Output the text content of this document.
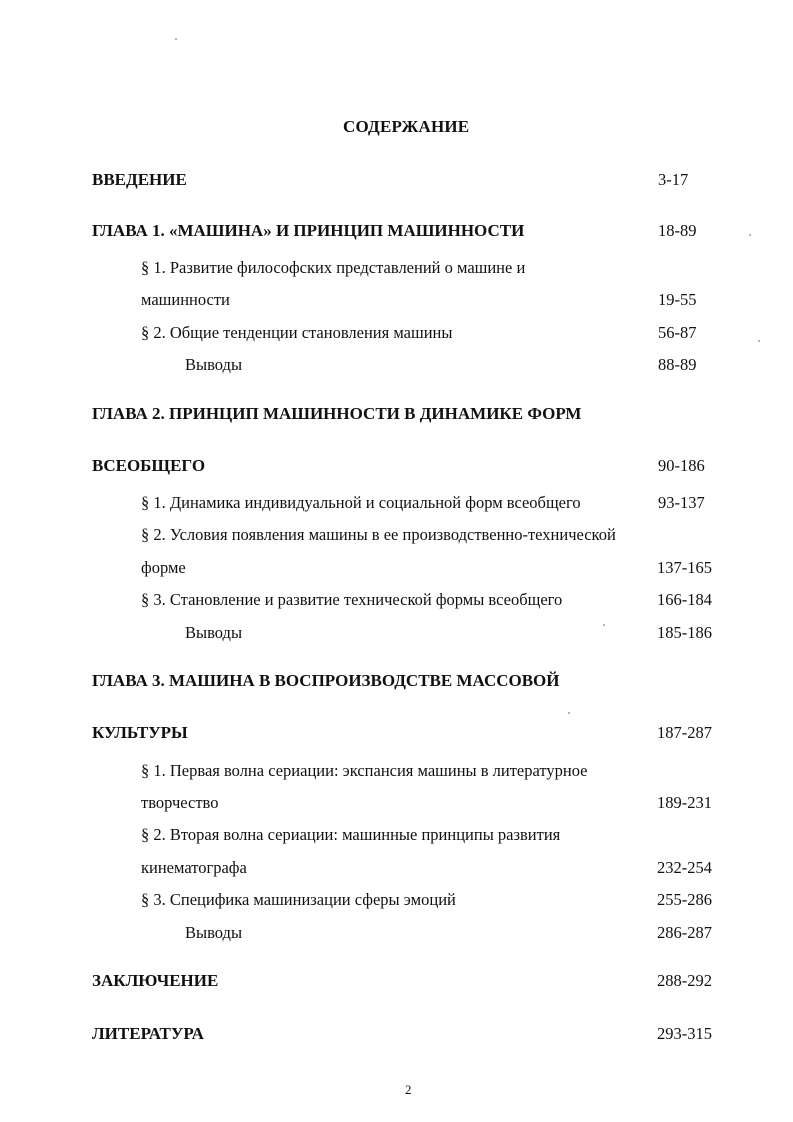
СОДЕРЖАНИЕ
ВВЕДЕНИЕ	3-17
ГЛАВА 1. «МАШИНА» И ПРИНЦИП МАШИННОСТИ	18-89
§ 1. Развитие философских представлений о машине и
машинности	19-55
§ 2. Общие тенденции становления машины	56-87
Выводы	88-89
ГЛАВА 2. ПРИНЦИП МАШИННОСТИ В ДИНАМИКЕ ФОРМ
ВСЕОБЩЕГО	90-186
§ 1. Динамика индивидуальной и социальной форм всеобщего	93-137
§ 2. Условия появления машины в ее производственно-технической
форме	137-165
§ 3. Становление и развитие технической формы всеобщего	166-184
Выводы	185-186
ГЛАВА 3. МАШИНА В ВОСПРОИЗВОДСТВЕ МАССОВОЙ
КУЛЬТУРЫ	187-287
§ 1. Первая волна сериации: экспансия машины в литературное
творчество	189-231
§ 2. Вторая волна сериации: машинные принципы развития
кинематографа	232-254
§ 3. Специфика машинизации сферы эмоций	255-286
Выводы	286-287
ЗАКЛЮЧЕНИЕ	288-292
ЛИТЕРАТУРА	293-315
2
